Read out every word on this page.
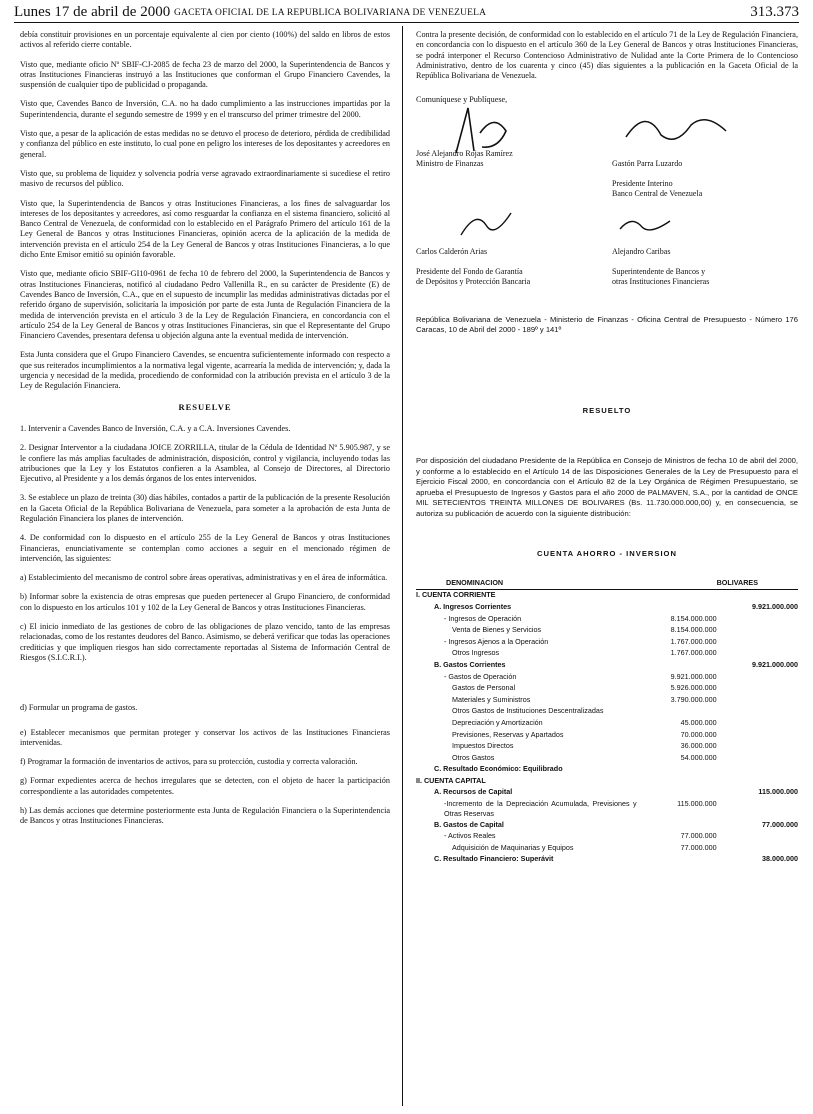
Lunes 17 de abril de 2000 GACETA OFICIAL DE LA REPUBLICA BOLIVARIANA DE VENEZUELA	313.373

debía constituir provisiones en un porcentaje equivalente al cien por ciento (100%) del saldo en libros de estos activos al referido cierre contable.

Visto que, mediante oficio Nº SBIF-CJ-2085 de fecha 23 de marzo del 2000, la Superintendencia de Bancos y otras Instituciones Financieras instruyó a las Instituciones que conforman el Grupo Financiero Cavendes, la suspensión de cualquier tipo de publicidad o propaganda.

Visto que, Cavendes Banco de Inversión, C.A. no ha dado cumplimiento a las instrucciones impartidas por la Superintendencia, durante el segundo semestre de 1999 y en el transcurso del primer trimestre del 2000.

Visto que, a pesar de la aplicación de estas medidas no se detuvo el proceso de deterioro, pérdida de credibilidad y confianza del público en este instituto, lo cual pone en peligro los intereses de los depositantes y acreedores en general.

Visto que, su problema de liquidez y solvencia podría verse agravado extraordinariamente si sucediese el retiro masivo de recursos del público.

Visto que, la Superintendencia de Bancos y otras Instituciones Financieras, a los fines de salvaguardar los intereses de los depositantes y acreedores, así como resguardar la confianza en el sistema financiero, solicitó al Banco Central de Venezuela, de conformidad con lo establecido en el Parágrafo Primero del artículo 161 de la Ley General de Bancos y otras Instituciones Financieras, opinión acerca de la aplicación de la medida de intervención prevista en el artículo 254 de la Ley General de Bancos y otras Instituciones Financieras, a lo que dicho Ente Emisor emitió su opinión favorable.

Visto que, mediante oficio SBIF-GI10-0961 de fecha 10 de febrero del 2000, la Superintendencia de Bancos y otras Instituciones Financieras, notificó al ciudadano Pedro Vallenilla R., en su carácter de Presidente (E) de Cavendes Banco de Inversión, C.A., que en el supuesto de incumplir las medidas administrativas dictadas por el referido órgano de supervisión, solicitaría la imposición por parte de esta Junta de Regulación Financiera de la medida de intervención prevista en el artículo 3 de la Ley de Regulación Financiera, en concordancia con el artículo 254 de la Ley General de Bancos y otras Instituciones Financieras, sin que el Representante del Grupo Financiero Cavendes, presentara defensa u objeción alguna ante la eventual medida de intervención.

Esta Junta considera que el Grupo Financiero Cavendes, se encuentra suficientemente informado con respecto a que sus reiterados incumplimientos a la normativa legal vigente, acarrearía la medida de intervención; y, dada la urgencia y necesidad de la medida, procediendo de conformidad con la atribución prevista en el artículo 3 de la Ley de Regulación Financiera.

RESUELVE

1. Intervenir a Cavendes Banco de Inversión, C.A. y a C.A. Inversiones Cavendes.

2. Designar Interventor a la ciudadana JOICE ZORRILLA, titular de la Cédula de Identidad Nº 5.905.987, y se le confiere las más amplias facultades de administración, disposición, control y vigilancia, incluyendo todas las atribuciones que la Ley y los Estatutos confieren a la Asamblea, al Consejo de Directores, al Directorio Ejecutivo, al Presidente y a los demás órganos de los entes intervenidos.

3. Se establece un plazo de treinta (30) días hábiles, contados a partir de la publicación de la presente Resolución en la Gaceta Oficial de la República Bolivariana de Venezuela, para someter a la aprobación de esta Junta de Regulación Financiera los planes de intervención.

4. De conformidad con lo dispuesto en el artículo 255 de la Ley General de Bancos y otras Instituciones Financieras, enunciativamente se contemplan como acciones a seguir en el mencionado régimen de intervención, las siguientes:

a) Establecimiento del mecanismo de control sobre áreas operativas, administrativas y en el área de informática.

b) Informar sobre la existencia de otras empresas que pueden pertenecer al Grupo Financiero, de conformidad con lo dispuesto en los artículos 101 y 102 de la Ley General de Bancos y otras Instituciones Financieras.

c) El inicio inmediato de las gestiones de cobro de las obligaciones de plazo vencido, tanto de las empresas relacionadas, como de los restantes deudores del Banco. Asimismo, se deberá verificar que todas las operaciones crediticias y que impliquen riesgos han sido correctamente reportadas al Sistema de Información Central de Riesgos (S.I.C.R.I.).

d) Formular un programa de gastos.

e) Establecer mecanismos que permitan proteger y conservar los activos de las Instituciones Financieras intervenidas.

f) Programar la formación de inventarios de activos, para su protección, custodia y correcta valoración.

g) Formar expedientes acerca de hechos irregulares que se detecten, con el objeto de hacer la participación correspondiente a las autoridades competentes.

h) Las demás acciones que determine posteriormente esta Junta de Regulación Financiera o la Superintendencia de Bancos y otras Instituciones Financieras.

Contra la presente decisión, de conformidad con lo establecido en el artículo 71 de la Ley de Regulación Financiera, en concordancia con lo dispuesto en el artículo 360 de la Ley General de Bancos y otras Instituciones Financieras, se podrá interponer el Recurso Contencioso Administrativo de Nulidad ante la Corte Primera de lo Contencioso Administrativo, dentro de los cuarenta y cinco (45) días siguientes a la publicación en la Gaceta Oficial de la República Bolivariana de Venezuela.

Comuníquese y Publíquese,

José Alejandro Rojas Ramírez
Ministro de Finanzas	Gastón Parra Luzardo

Presidente Interino
Banco Central de Venezuela

Carlos Calderón Arias

Presidente del Fondo de Garantía
de Depósitos y Protección Bancaria

Alejandro Caribas

Superintendente de Bancos y
otras Instituciones Financieras

República Bolivariana de Venezuela - Ministerio de Finanzas - Oficina Central de Presupuesto - Número 176 Caracas, 10 de Abril del 2000 - 189º y 141º

RESUELTO

Por disposición del ciudadano Presidente de la República en Consejo de Ministros de fecha 10 de abril del 2000, y conforme a lo establecido en el Artículo 14 de las Disposiciones Generales de la Ley de Presupuesto para el Ejercicio Fiscal 2000, en concordancia con el Artículo 82 de la Ley Orgánica de Régimen Presupuestario, se aprueba el Presupuesto de Ingresos y Gastos para el año 2000 de PALMAVEN, S.A., por la cantidad de ONCE MIL SETECIENTOS TREINTA MILLONES DE BOLIVARES (Bs. 11.730.000.000,00) y, en consecuencia, se autoriza su publicación de acuerdo con la siguiente distribución:

CUENTA AHORRO - INVERSION
DENOMINACION		BOLIVARES
I. CUENTA CORRIENTE		
A. Ingresos Corrientes		9.921.000.000
- Ingresos de Operación	8.154.000.000	
Venta de Bienes y Servicios	8.154.000.000	
- Ingresos Ajenos a la Operación	1.767.000.000	
Otros Ingresos	1.767.000.000	
B. Gastos Corrientes		9.921.000.000
- Gastos de Operación	9.921.000.000	
Gastos de Personal	5.926.000.000	
Materiales y Suministros	3.790.000.000	
Otros Gastos de Instituciones Descentralizadas		
Depreciación y Amortización	45.000.000	
Previsiones, Reservas y Apartados	70.000.000	
Impuestos Directos	36.000.000	
Otros Gastos	54.000.000	
C. Resultado Económico: Equilibrado		
II. CUENTA CAPITAL		
A. Recursos de Capital		115.000.000
-Incremento de la Depreciación Acumulada, Previsiones y Otras Reservas	115.000.000	
B. Gastos de Capital		77.000.000
- Activos Reales	77.000.000	
Adquisición de Maquinarias y Equipos	77.000.000	
C. Resultado Financiero: Superávit		38.000.000
